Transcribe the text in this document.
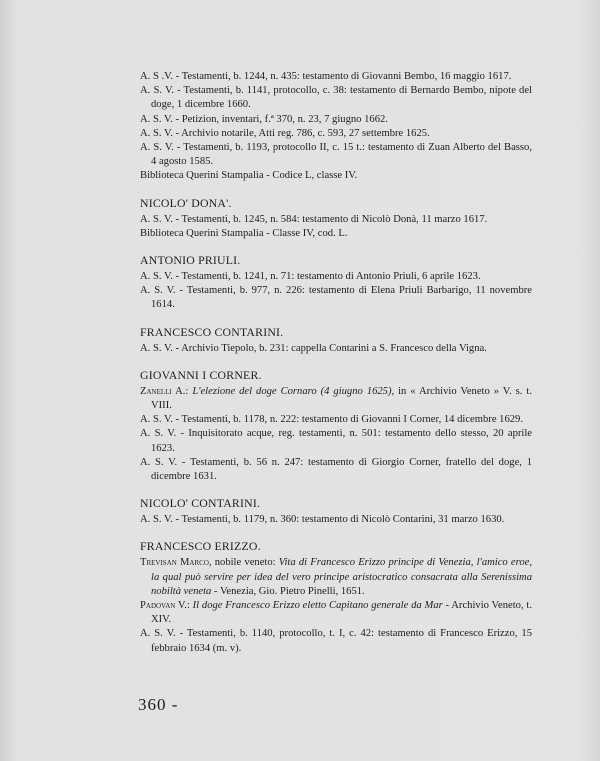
A. S .V. - Testamenti, b. 1244, n. 435: testamento di Giovanni Bembo, 16 maggio 1617.

A. S. V. - Testamenti, b. 1141, protocollo, c. 38: testamento di Bernardo Bembo, nipote del doge, 1 dicembre 1660.

A. S. V. - Petizion, inventari, f.ª 370, n. 23, 7 giugno 1662.

A. S. V. - Archivio notarile, Atti reg. 786, c. 593, 27 settembre 1625.

A. S. V. - Testamenti, b. 1193, protocollo II, c. 15 t.: testamento di Zuan Alberto del Basso, 4 agosto 1585.

Biblioteca Querini Stampalia - Codice L, classe IV.

NICOLO' DONA'.

A. S. V. - Testamenti, b. 1245, n. 584: testamento di Nicolò Donà, 11 marzo 1617.

Biblioteca Querini Stampalia - Classe IV, cod. L.

ANTONIO PRIULI.

A. S. V. - Testamenti, b. 1241, n. 71: testamento di Antonio Priuli, 6 aprile 1623.

A. S. V. - Testamenti, b. 977, n. 226: testamento di Elena Priuli Barbarigo, 11 novembre 1614.

FRANCESCO CONTARINI.

A. S. V. - Archivio Tiepolo, b. 231: cappella Contarini a S. Francesco della Vigna.

GIOVANNI I CORNER.

Zanelli A.: L'elezione del doge Cornaro (4 giugno 1625), in « Archivio Veneto » V. s. t. VIII.

A. S. V. - Testamenti, b. 1178, n. 222: testamento di Giovanni I Corner, 14 dicembre 1629.

A. S. V. - Inquisitorato acque, reg. testamenti, n. 501: testamento dello stesso, 20 aprile 1623.

A. S. V. - Testamenti, b. 56 n. 247: testamento di Giorgio Corner, fratello del doge, 1 dicembre 1631.

NICOLO' CONTARINI.

A. S. V. - Testamenti, b. 1179, n. 360: testamento di Nicolò Contarini, 31 marzo 1630.

FRANCESCO ERIZZO.

Trevisan Marco, nobile veneto: Vita di Francesco Erizzo principe di Venezia, l'amico eroe, la qual può servire per idea del vero principe aristocratico consacrata alla Serenissima nobiltà veneta - Venezia, Gio. Pietro Pinelli, 1651.

Padovan V.: Il doge Francesco Erizzo eletto Capitano generale da Mar - Archivio Veneto, t. XIV.

A. S. V. - Testamenti, b. 1140, protocollo, t. I, c. 42: testamento di Francesco Erizzo, 15 febbraio 1634 (m. v).

360 -
